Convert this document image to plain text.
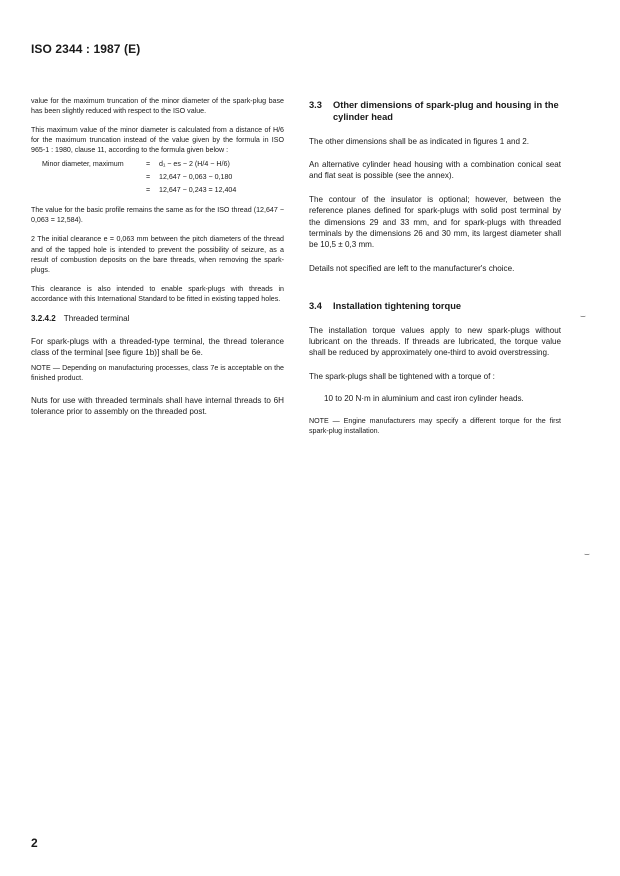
ISO 2344 : 1987 (E)

value for the maximum truncation of the minor diameter of the spark-plug base has been slightly reduced with respect to the ISO value.

This maximum value of the minor diameter is calculated from a distance of H/6 for the maximum truncation instead of the value given by the formula in ISO 965-1 : 1980, clause 11, according to the formula given below :

Minor diameter, maximum	=	d₁ − es − 2 (H/4 − H/6)
=	12,647 − 0,063 − 0,180
=	12,647 − 0,243 = 12,404

The value for the basic profile remains the same as for the ISO thread (12,647 − 0,063 = 12,584).

2 The initial clearance e = 0,063 mm between the pitch diameters of the thread and of the tapped hole is intended to prevent the possibility of seizure, as a result of combustion deposits on the bare threads, when removing the spark-plugs.

This clearance is also intended to enable spark-plugs with threads in accordance with this International Standard to be fitted in existing tapped holes.

3.2.4.2 Threaded terminal

For spark-plugs with a threaded-type terminal, the thread tolerance class of the terminal [see figure 1b)] shall be 6e.

NOTE — Depending on manufacturing processes, class 7e is acceptable on the finished product.

Nuts for use with threaded terminals shall have internal threads to 6H tolerance prior to assembly on the threaded post.

3.3	Other dimensions of spark-plug and housing in the cylinder head

The other dimensions shall be as indicated in figures 1 and 2.

An alternative cylinder head housing with a combination conical seat and flat seat is possible (see the annex).

The contour of the insulator is optional; however, between the reference planes defined for spark-plugs with solid post terminal by the dimensions 29 and 33 mm, and for spark-plugs with threaded terminals by the dimensions 26 and 30 mm, its largest diameter shall be 10,5 ± 0,3 mm.

Details not specified are left to the manufacturer's choice.

3.4	Installation tightening torque

The installation torque values apply to new spark-plugs without lubricant on the threads. If threads are lubricated, the torque value shall be reduced by approximately one-third to avoid overstressing.

The spark-plugs shall be tightened with a torque of :

10 to 20 N·m in aluminium and cast iron cylinder heads.

NOTE — Engine manufacturers may specify a different torque for the first spark-plug installation.

⌣
⌣
2
